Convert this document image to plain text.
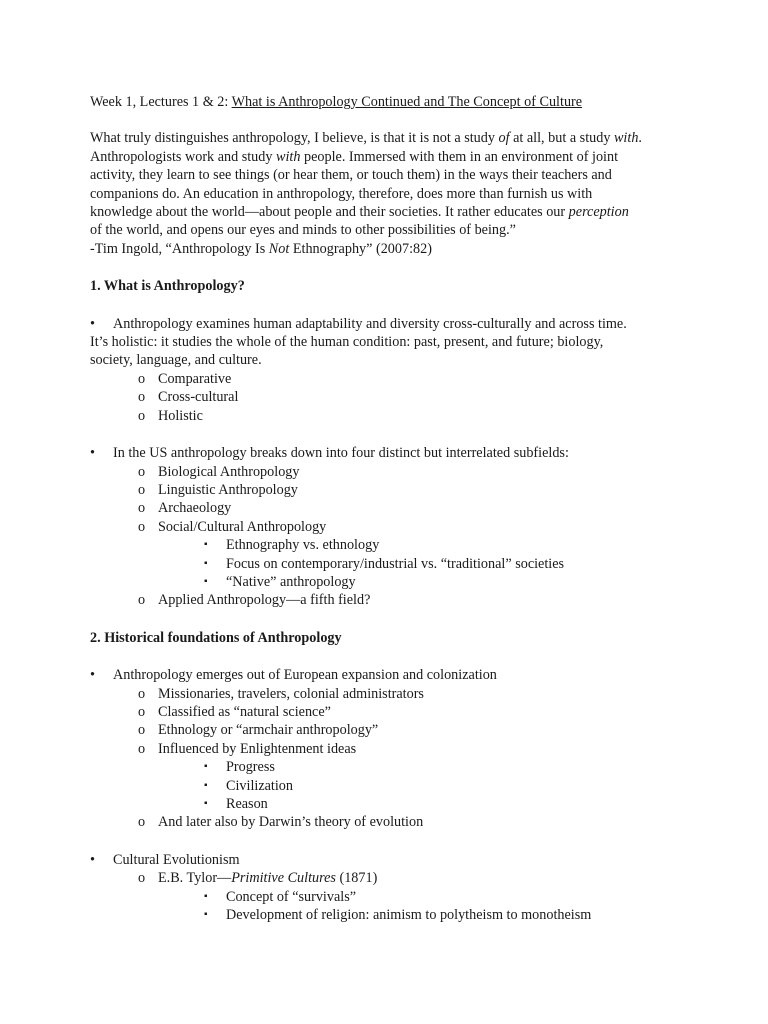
Week 1, Lectures 1 & 2: What is Anthropology Continued and The Concept of Culture

What truly distinguishes anthropology, I believe, is that it is not a study of at all, but a study with.

Anthropologists work and study with people. Immersed with them in an environment of joint

activity, they learn to see things (or hear them, or touch them) in the ways their teachers and

companions do. An education in anthropology, therefore, does more than furnish us with

knowledge about the world—about people and their societies. It rather educates our perception

of the world, and opens our eyes and minds to other possibilities of being.”

-Tim Ingold, “Anthropology Is Not Ethnography” (2007:82)

1. What is Anthropology?

•	Anthropology examines human adaptability and diversity cross-culturally and across time.
It’s holistic: it studies the whole of the human condition: past, present, and future; biology,
society, language, and culture.
o Comparative
o Cross-cultural
o Holistic
•	In the US anthropology breaks down into four distinct but interrelated subfields:
o Biological Anthropology
o Linguistic Anthropology
o Archaeology
o Social/Cultural Anthropology
▪ Ethnography vs. ethnology
▪ Focus on contemporary/industrial vs. “traditional” societies
▪ “Native” anthropology
o Applied Anthropology—a fifth field?

2. Historical foundations of Anthropology

•	Anthropology emerges out of European expansion and colonization
o Missionaries, travelers, colonial administrators
o Classified as “natural science”
o Ethnology or “armchair anthropology”
o Influenced by Enlightenment ideas
▪ Progress
▪ Civilization
▪ Reason
o And later also by Darwin’s theory of evolution
•	Cultural Evolutionism
o E.B. Tylor—Primitive Cultures (1871)
▪ Concept of “survivals”
▪ Development of religion: animism to polytheism to monotheism
